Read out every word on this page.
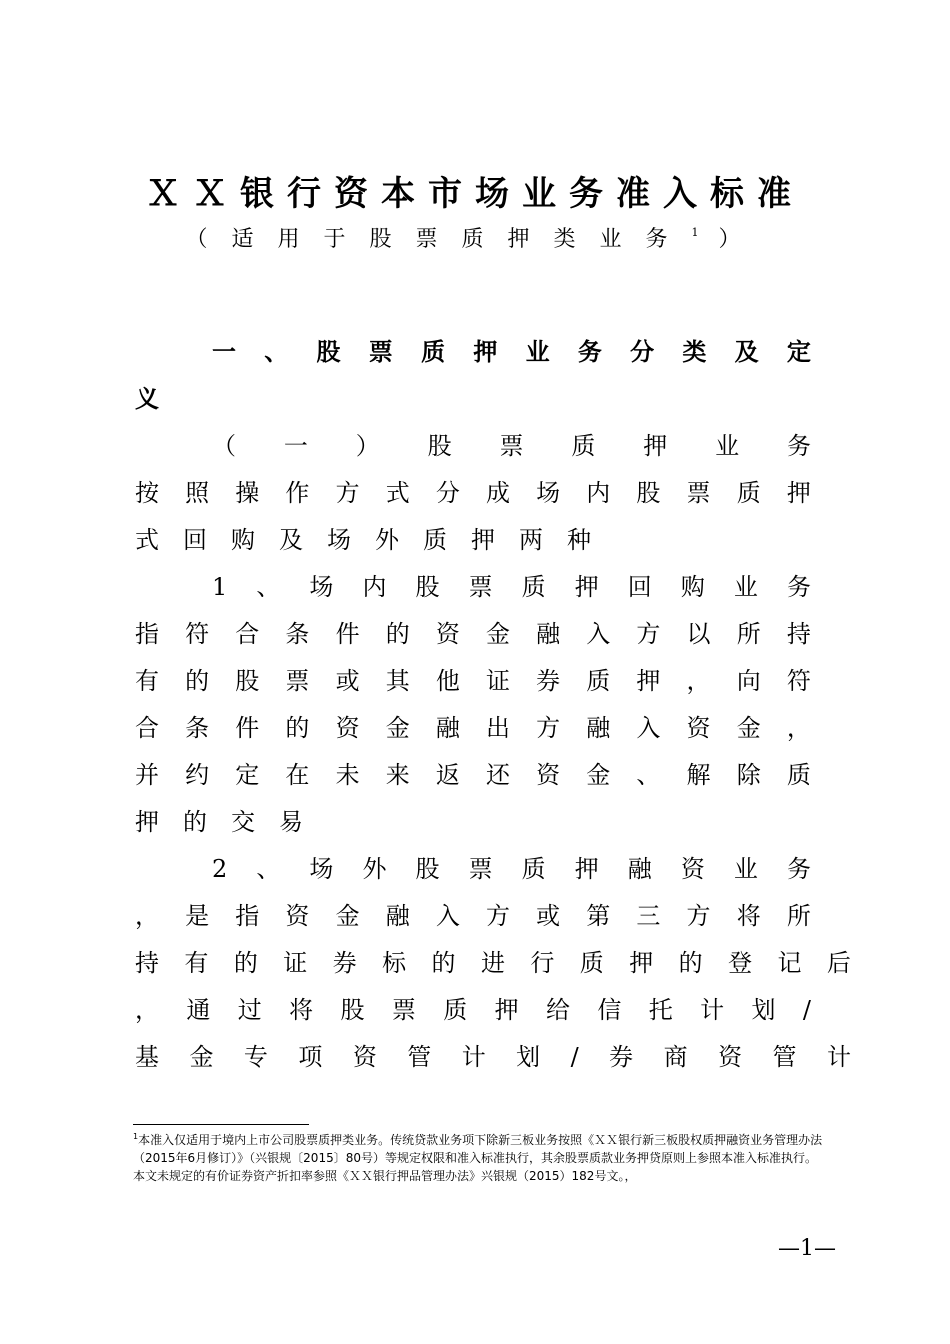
ＸＸ银行资本市场业务准入标准
（适用于股票质押类业务$^1$ ）
一 、 股 票 质 押 业 务 分 类 及 定
义
（ 一 ） 股 票 质 押 业 务
按 照 操 作 方 式 分 成 场 内 股 票 质 押
式 回 购 及 场 外 质 押 两 种
1 、 场 内 股 票 质 押 回 购 业 务
指 符 合 条 件 的 资 金 融 入 方 以 所 持
有 的 股 票 或 其 他 证 券 质 押 ， 向 符
合 条 件 的 资 金 融 出 方 融 入 资 金 ，
并 约 定 在 未 来 返 还 资 金 、 解 除 质
押 的 交 易
2 、 场 外 股 票 质 押 融 资 业 务
， 是 指 资 金 融 入 方 或 第 三 方 将 所
持 有 的 证 券 标 的 进 行 质 押 的 登 记 后
， 通 过 将 股 票 质 押 给 信 托 计 划 /
基 金 专 项 资 管 计 划 / 券 商 资 管 计
$^1$本准入仅适用于境内上市公司股票质押类业务。传统贷款业务项下除新三板业务按照《ＸＸ银行新三板股权质押融资业务管理办法（2015年6月修订）》（兴银规〔2015〕80号）等规定权限和准入标准执行，其余股票质款业务押贷原则上参照本准入标准执行。本文未规定的有价证券资产折扣率参照《ＸＸ银行押品管理办法》兴银规（2015）182号文。，
—1—
